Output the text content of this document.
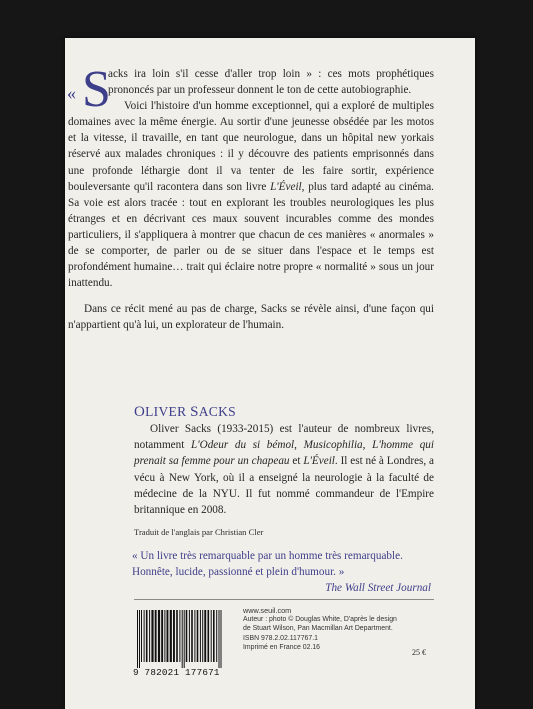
« S
acks ira loin s'il cesse d'aller trop loin » : ces mots prophétiques prononcés par un professeur donnent le ton de cette autobiographie.

Voici l'histoire d'un homme exceptionnel, qui a exploré de multiples domaines avec la même énergie. Au sortir d'une jeunesse obsédée par les motos et la vitesse, il travaille, en tant que neurologue, dans un hôpital new yorkais réservé aux malades chroniques : il y découvre des patients emprisonnés dans une profonde léthargie dont il va tenter de les faire sortir, expérience bouleversante qu'il racontera dans son livre L'Éveil, plus tard adapté au cinéma. Sa voie est alors tracée : tout en explorant les troubles neurologiques les plus étranges et en décrivant ces maux souvent incurables comme des mondes particuliers, il s'appliquera à montrer que chacun de ces manières « anormales » de se comporter, de parler ou de se situer dans l'espace et le temps est profondément humaine… trait qui éclaire notre propre « normalité » sous un jour inattendu.

Dans ce récit mené au pas de charge, Sacks se révèle ainsi, d'une façon qui n'appartient qu'à lui, un explorateur de l'humain.

OLIVER SACKS

Oliver Sacks (1933-2015) est l'auteur de nombreux livres, notamment L'Odeur du si bémol, Musicophilia, L'homme qui prenait sa femme pour un chapeau et L'Éveil. Il est né à Londres, a vécu à New York, où il a enseigné la neurologie à la faculté de médecine de la NYU. Il fut nommé commandeur de l'Empire britannique en 2008.

Traduit de l'anglais par Christian Cler
« Un livre très remarquable par un homme très remarquable. Honnête, lucide, passionné et plein d'humour. »
The Wall Street Journal
9 782021 177671
www.seuil.com
Auteur : photo © Douglas White, D'après le design
de Stuart Wilson, Pan Macmillan Art Department.
ISBN 978.2.02.117767.1
Imprimé en France 02.16
25 €
